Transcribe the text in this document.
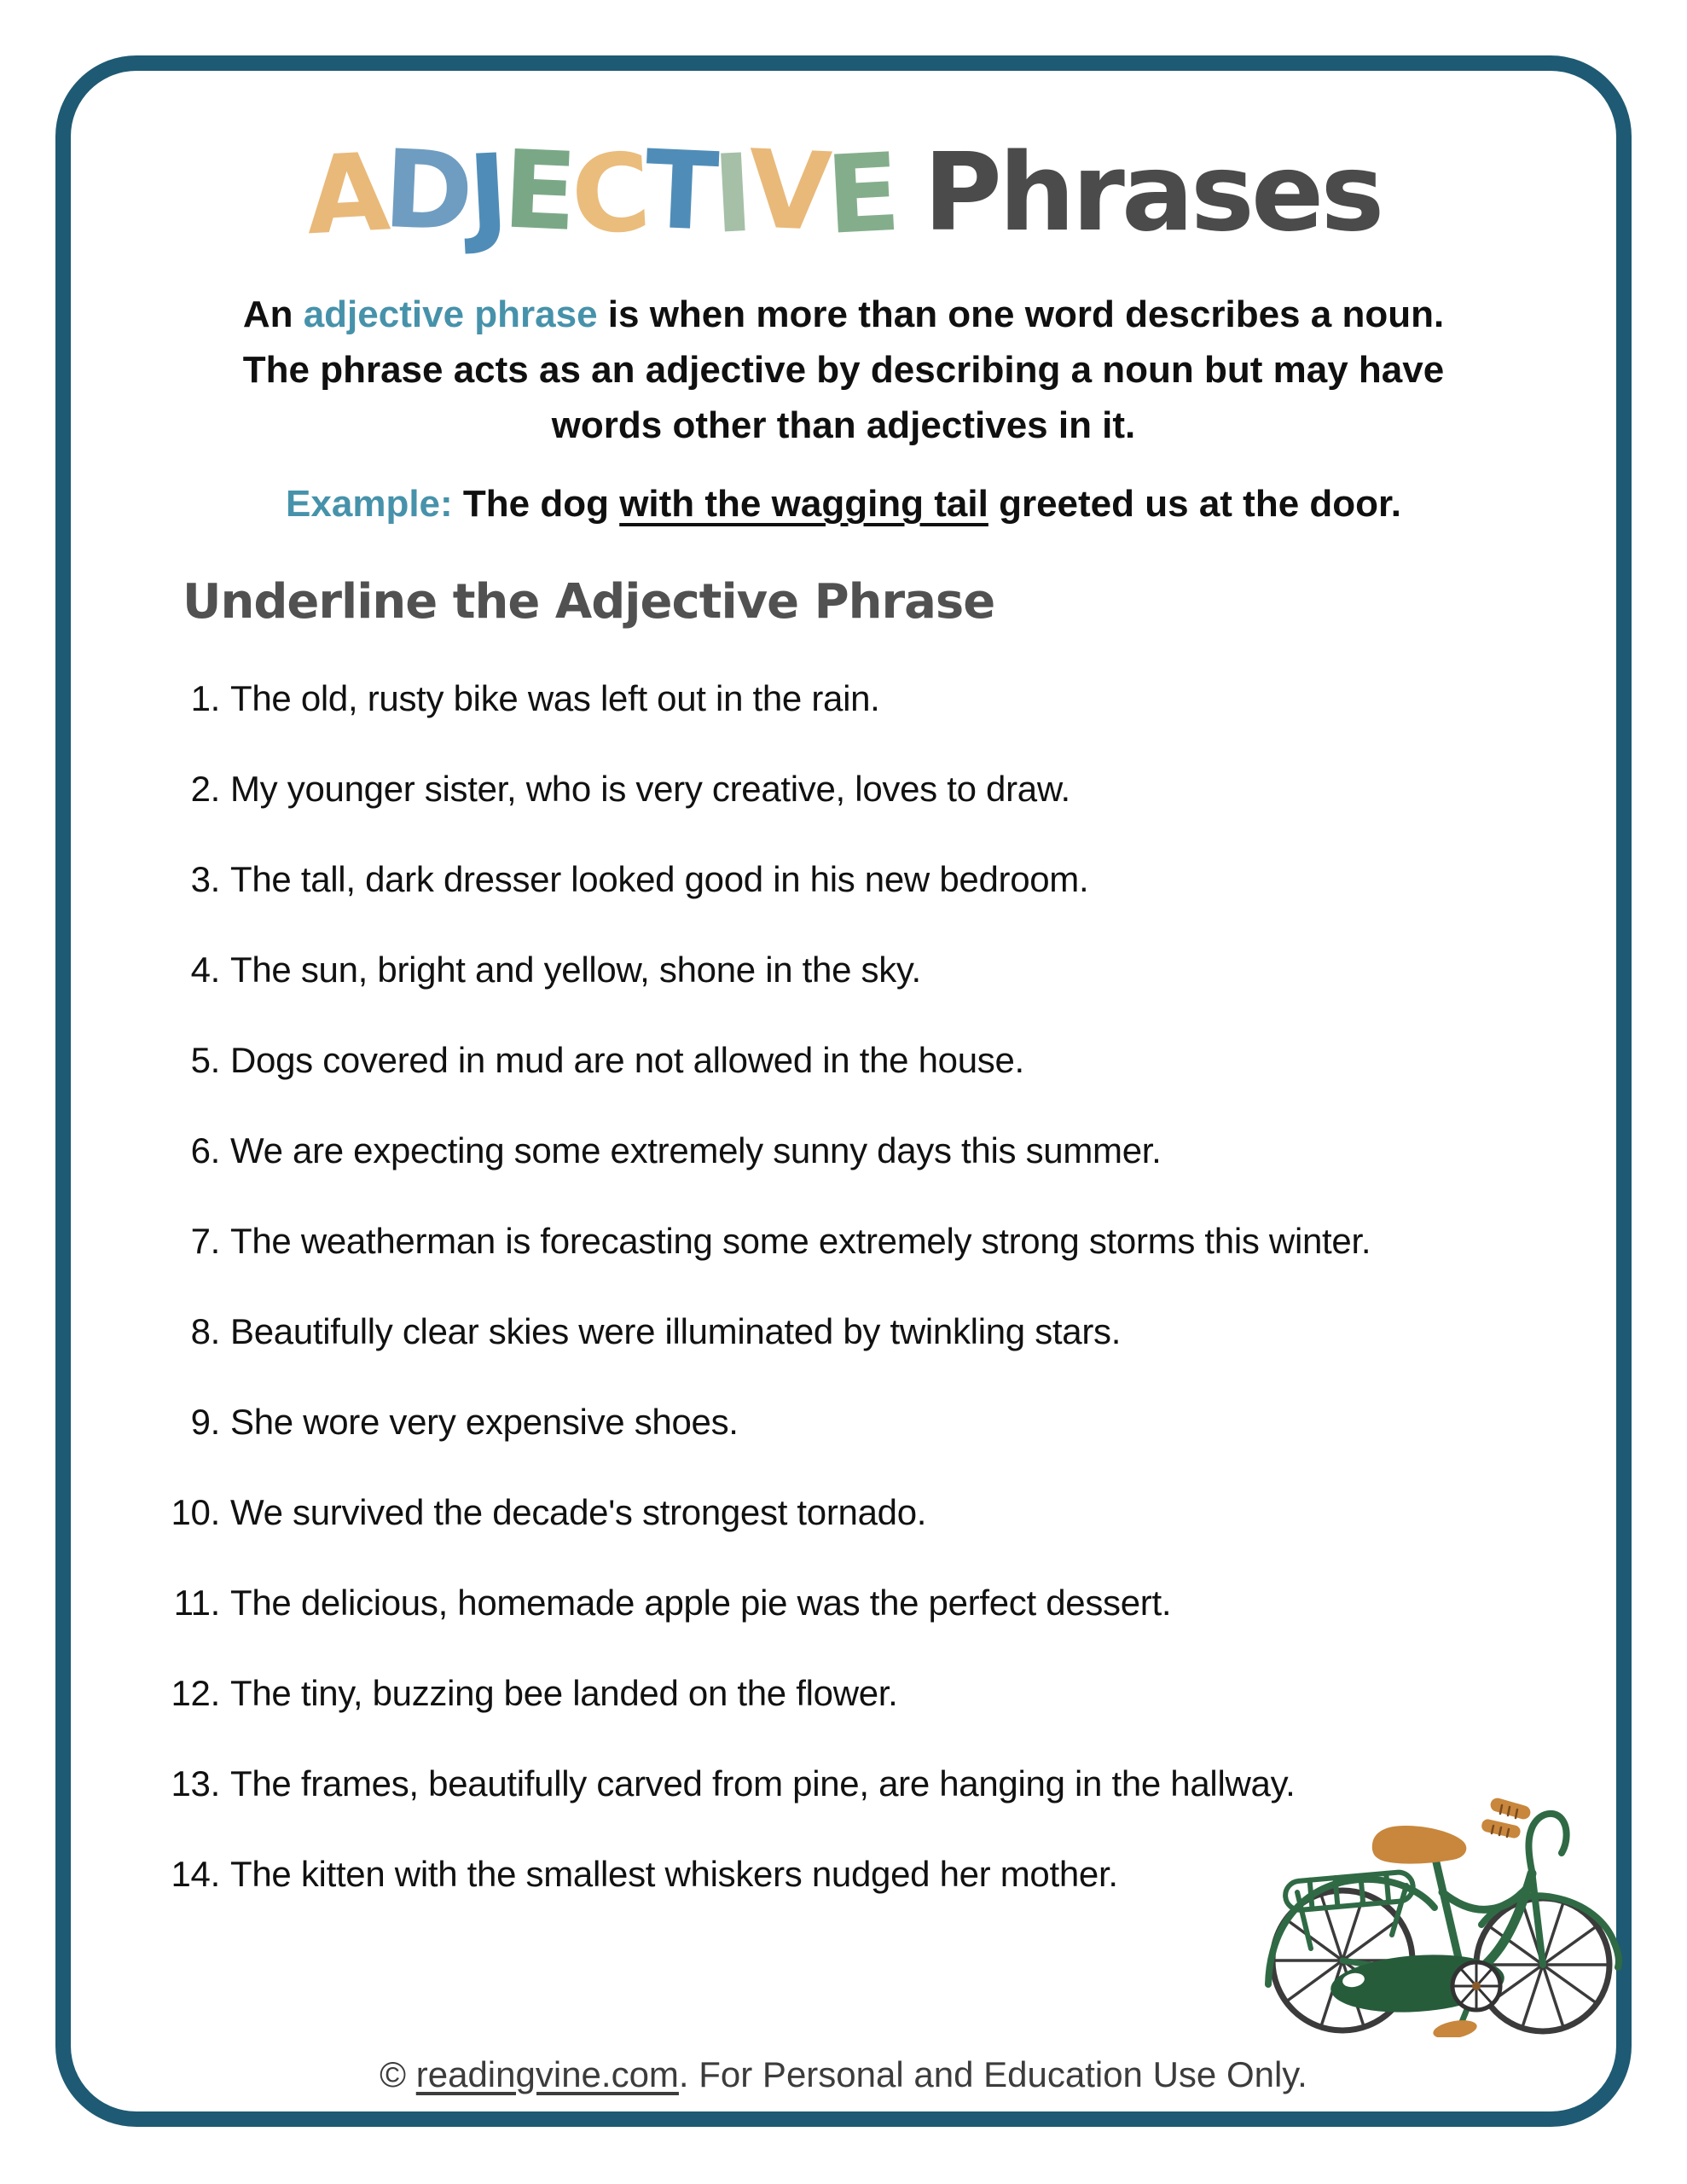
ADJECTIVE Phrases
An adjective phrase is when more than one word describes a noun.
The phrase acts as an adjective by describing a noun but may have
words other than adjectives in it.
Example: The dog with the wagging tail greeted us at the door.
Underline the Adjective Phrase
The old, rusty bike was left out in the rain.
My younger sister, who is very creative, loves to draw.
The tall, dark dresser looked good in his new bedroom.
The sun, bright and yellow, shone in the sky.
Dogs covered in mud are not allowed in the house.
We are expecting some extremely sunny days this summer.
The weatherman is forecasting some extremely strong storms this winter.
Beautifully clear skies were illuminated by twinkling stars.
She wore very expensive shoes.
We survived the decade's strongest tornado.
The delicious, homemade apple pie was the perfect dessert.
The tiny, buzzing bee landed on the flower.
The frames, beautifully carved from pine, are hanging in the hallway.
The kitten with the smallest whiskers nudged her mother.
© readingvine.com. For Personal and Education Use Only.
